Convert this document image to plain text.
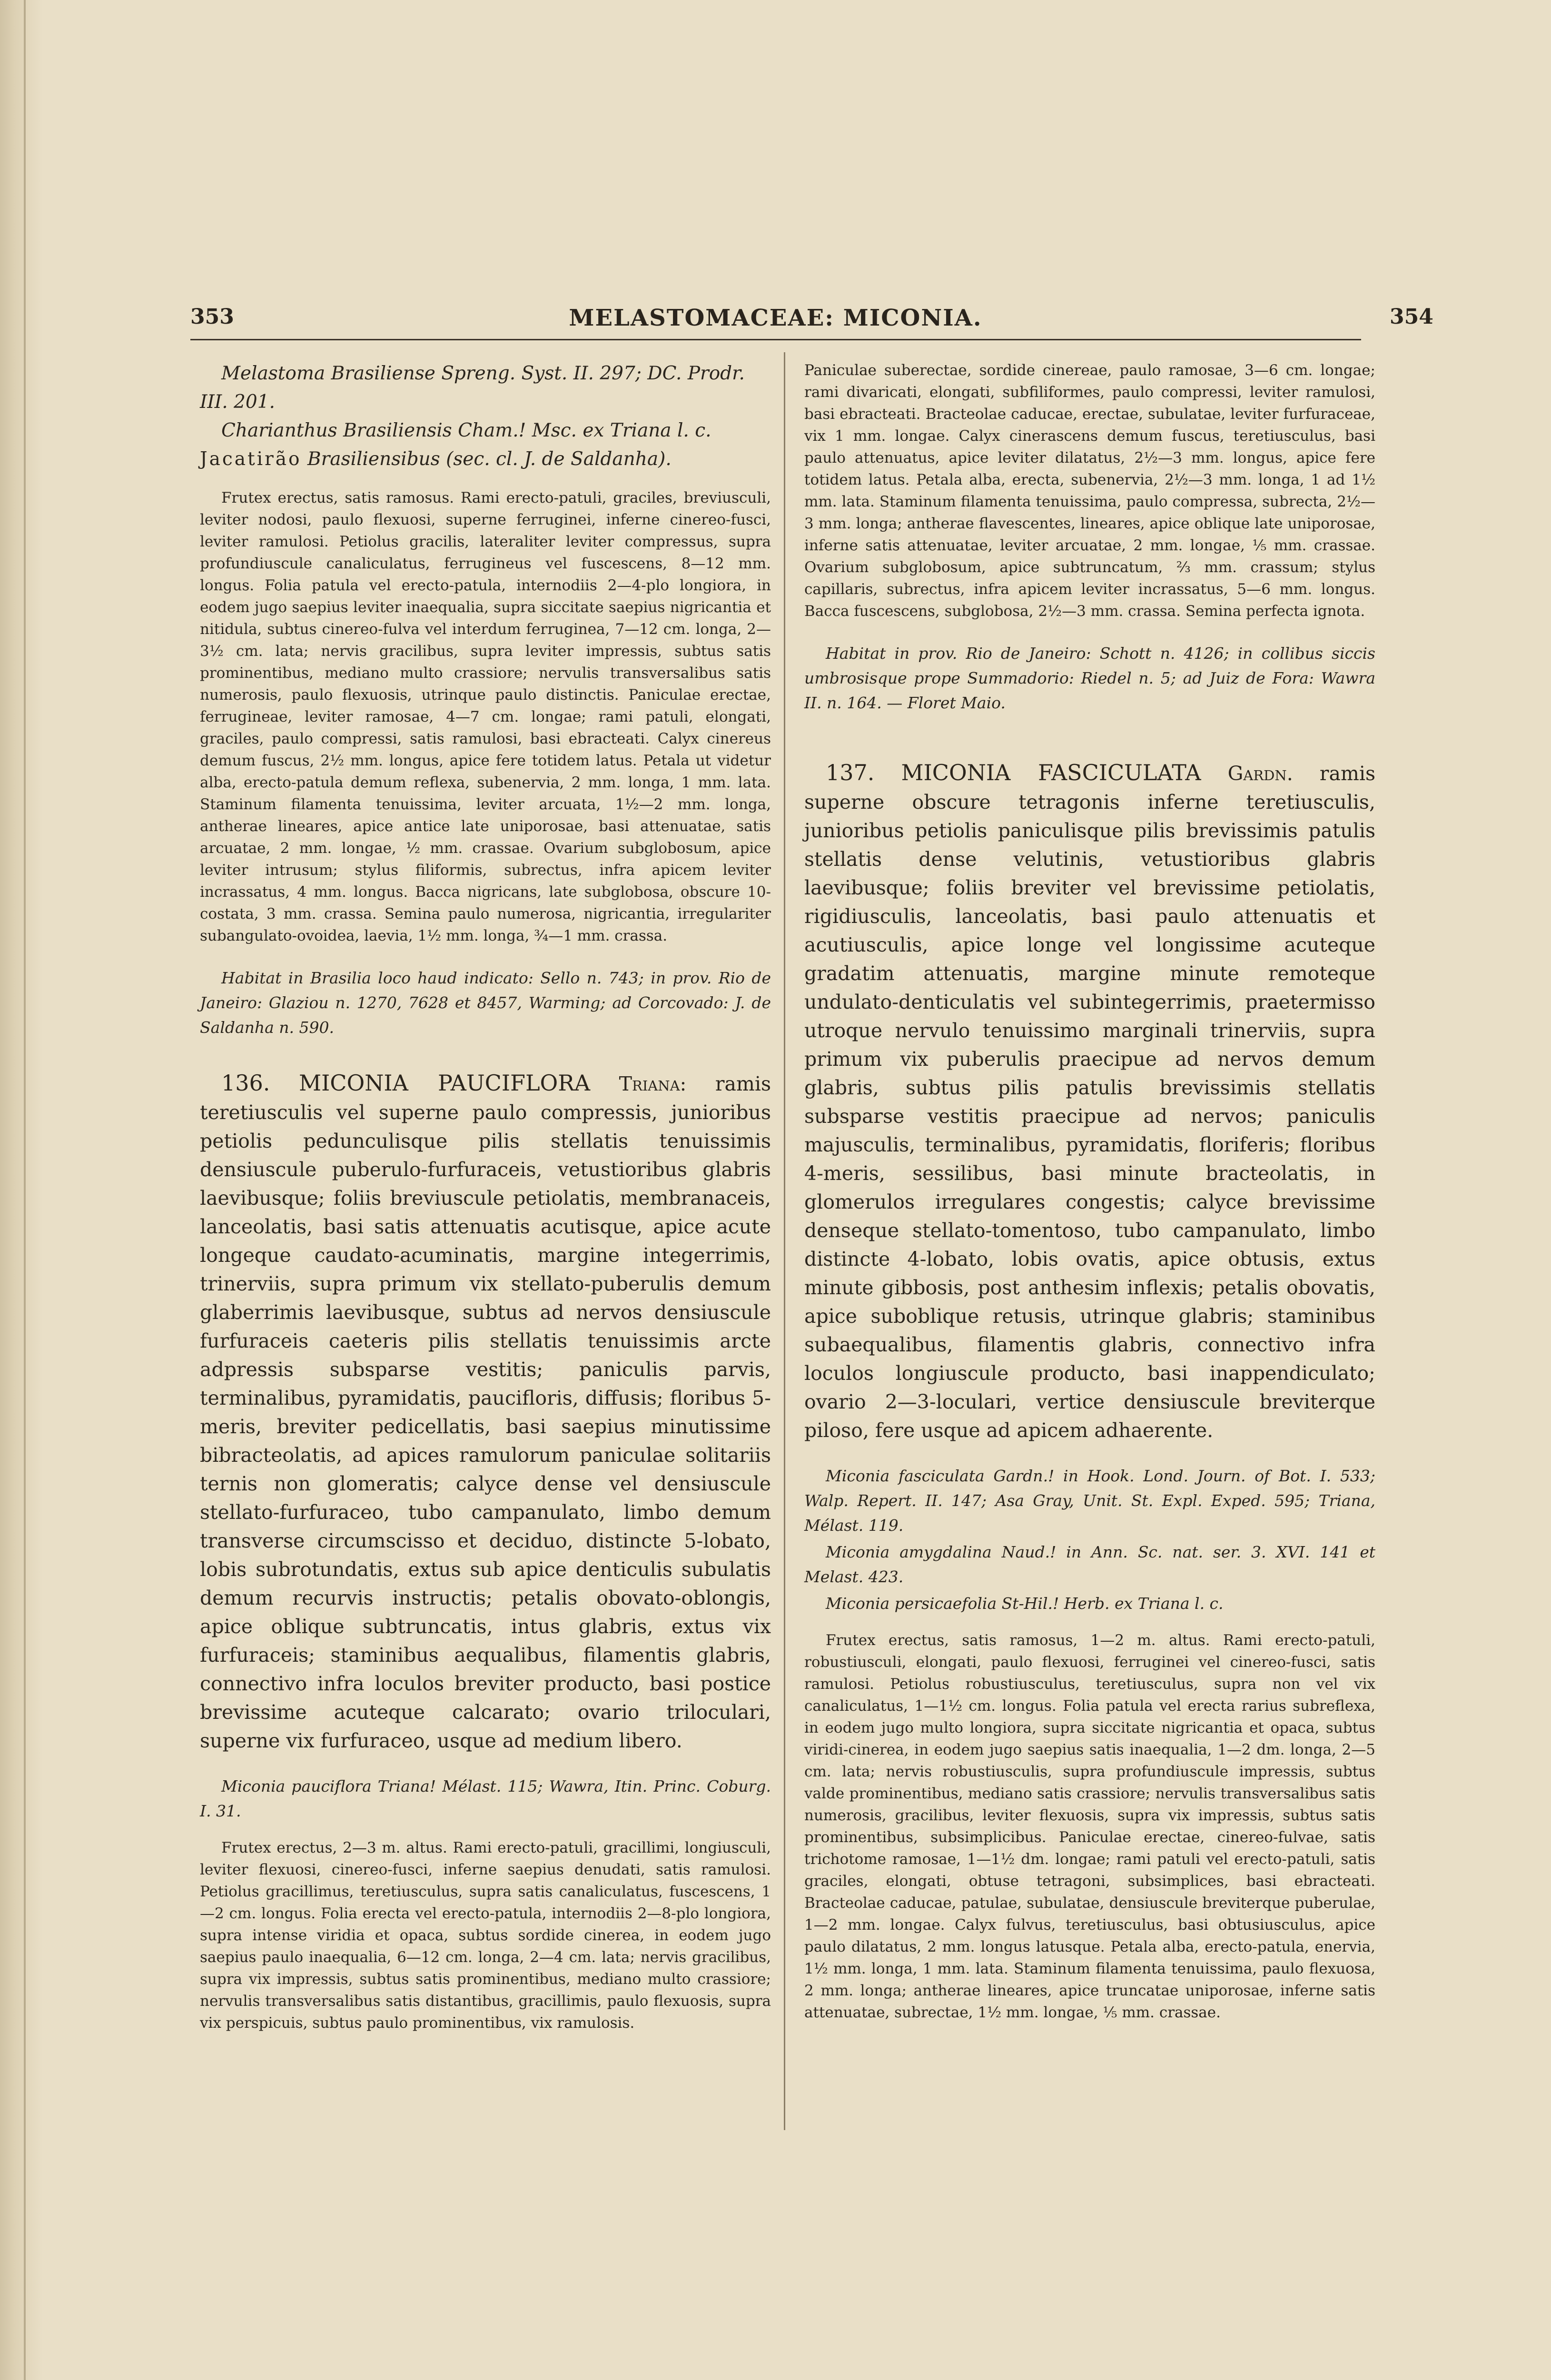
353	MELASTOMACEAE: MICONIA.	354

Melastoma Brasiliense Spreng. Syst. II. 297; DC. Prodr. III. 201.

Charianthus Brasiliensis Cham.! Msc. ex Triana l. c.

Jacatirão Brasiliensibus (sec. cl. J. de Saldanha).

Frutex erectus, satis ramosus. Rami erecto-patuli, graciles, breviusculi, leviter nodosi, paulo flexuosi, superne ferruginei, inferne cinereo-fusci, leviter ramulosi. Petiolus gracilis, lateraliter leviter compressus, supra profundiuscule canaliculatus, ferrugineus vel fuscescens, 8—12 mm. longus. Folia patula vel erecto-patula, internodiis 2—4-plo longiora, in eodem jugo saepius leviter inaequalia, supra siccitate saepius nigricantia et nitidula, subtus cinereo-fulva vel interdum ferruginea, 7—12 cm. longa, 2—3½ cm. lata; nervis gracilibus, supra leviter impressis, subtus satis prominentibus, mediano multo crassiore; nervulis transversalibus satis numerosis, paulo flexuosis, utrinque paulo distinctis. Paniculae erectae, ferrugineae, leviter ramosae, 4—7 cm. longae; rami patuli, elongati, graciles, paulo compressi, satis ramulosi, basi ebracteati. Calyx cinereus demum fuscus, 2½ mm. longus, apice fere totidem latus. Petala ut videtur alba, erecto-patula demum reflexa, subenervia, 2 mm. longa, 1 mm. lata. Staminum filamenta tenuissima, leviter arcuata, 1½—2 mm. longa, antherae lineares, apice antice late uniporosae, basi attenuatae, satis arcuatae, 2 mm. longae, ½ mm. crassae. Ovarium subglobosum, apice leviter intrusum; stylus filiformis, subrectus, infra apicem leviter incrassatus, 4 mm. longus. Bacca nigricans, late subglobosa, obscure 10-costata, 3 mm. crassa. Semina paulo numerosa, nigricantia, irregulariter subangulato-ovoidea, laevia, 1½ mm. longa, ¾—1 mm. crassa.

Habitat in Brasilia loco haud indicato: Sello n. 743; in prov. Rio de Janeiro: Glaziou n. 1270, 7628 et 8457, Warming; ad Corcovado: J. de Saldanha n. 590.

136. MICONIA PAUCIFLORA Triana: ramis teretiusculis vel superne paulo compressis, junioribus petiolis pedunculisque pilis stellatis tenuissimis densiuscule puberulo-furfuraceis, vetustioribus glabris laevibusque; foliis breviuscule petiolatis, membranaceis, lanceolatis, basi satis attenuatis acutisque, apice acute longeque caudato-acuminatis, margine integerrimis, trinerviis, supra primum vix stellato-puberulis demum glaberrimis laevibusque, subtus ad nervos densiuscule furfuraceis caeteris pilis stellatis tenuissimis arcte adpressis subsparse vestitis; paniculis parvis, terminalibus, pyramidatis, paucifloris, diffusis; floribus 5-meris, breviter pedicellatis, basi saepius minutissime bibracteolatis, ad apices ramulorum paniculae solitariis ternis non glomeratis; calyce dense vel densiuscule stellato-furfuraceo, tubo campanulato, limbo demum transverse circumscisso et deciduo, distincte 5-lobato, lobis subrotundatis, extus sub apice denticulis subulatis demum recurvis instructis; petalis obovato-oblongis, apice oblique subtruncatis, intus glabris, extus vix furfuraceis; staminibus aequalibus, filamentis glabris, connectivo infra loculos breviter producto, basi postice brevissime acuteque calcarato; ovario triloculari, superne vix furfuraceo, usque ad medium libero.

Miconia pauciflora Triana! Mélast. 115; Wawra, Itin. Princ. Coburg. I. 31.

Frutex erectus, 2—3 m. altus. Rami erecto-patuli, gracillimi, longiusculi, leviter flexuosi, cinereo-fusci, inferne saepius denudati, satis ramulosi. Petiolus gracillimus, teretiusculus, supra satis canaliculatus, fuscescens, 1—2 cm. longus. Folia erecta vel erecto-patula, internodiis 2—8-plo longiora, supra intense viridia et opaca, subtus sordide cinerea, in eodem jugo saepius paulo inaequalia, 6—12 cm. longa, 2—4 cm. lata; nervis gracilibus, supra vix impressis, subtus satis prominentibus, mediano multo crassiore; nervulis transversalibus satis distantibus, gracillimis, paulo flexuosis, supra vix perspicuis, subtus paulo prominentibus, vix ramulosis.

Paniculae suberectae, sordide cinereae, paulo ramosae, 3—6 cm. longae; rami divaricati, elongati, subfiliformes, paulo compressi, leviter ramulosi, basi ebracteati. Bracteolae caducae, erectae, subulatae, leviter furfuraceae, vix 1 mm. longae. Calyx cinerascens demum fuscus, teretiusculus, basi paulo attenuatus, apice leviter dilatatus, 2½—3 mm. longus, apice fere totidem latus. Petala alba, erecta, subenervia, 2½—3 mm. longa, 1 ad 1½ mm. lata. Staminum filamenta tenuissima, paulo compressa, subrecta, 2½—3 mm. longa; antherae flavescentes, lineares, apice oblique late uniporosae, inferne satis attenuatae, leviter arcuatae, 2 mm. longae, ⅕ mm. crassae. Ovarium subglobosum, apice subtruncatum, ⅔ mm. crassum; stylus capillaris, subrectus, infra apicem leviter incrassatus, 5—6 mm. longus. Bacca fuscescens, subglobosa, 2½—3 mm. crassa. Semina perfecta ignota.

Habitat in prov. Rio de Janeiro: Schott n. 4126; in collibus siccis umbrosisque prope Summadorio: Riedel n. 5; ad Juiz de Fora: Wawra II. n. 164. — Floret Maio.

137. MICONIA FASCICULATA Gardn. ramis superne obscure tetragonis inferne teretiusculis, junioribus petiolis paniculisque pilis brevissimis patulis stellatis dense velutinis, vetustioribus glabris laevibusque; foliis breviter vel brevissime petiolatis, rigidiusculis, lanceolatis, basi paulo attenuatis et acutiusculis, apice longe vel longissime acuteque gradatim attenuatis, margine minute remoteque undulato-denticulatis vel subintegerrimis, praetermisso utroque nervulo tenuissimo marginali trinerviis, supra primum vix puberulis praecipue ad nervos demum glabris, subtus pilis patulis brevissimis stellatis subsparse vestitis praecipue ad nervos; paniculis majusculis, terminalibus, pyramidatis, floriferis; floribus 4-meris, sessilibus, basi minute bracteolatis, in glomerulos irregulares congestis; calyce brevissime denseque stellato-tomentoso, tubo campanulato, limbo distincte 4-lobato, lobis ovatis, apice obtusis, extus minute gibbosis, post anthesim inflexis; petalis obovatis, apice suboblique retusis, utrinque glabris; staminibus subaequalibus, filamentis glabris, connectivo infra loculos longiuscule producto, basi inappendiculato; ovario 2—3-loculari, vertice densiuscule breviterque piloso, fere usque ad apicem adhaerente.

Miconia fasciculata Gardn.! in Hook. Lond. Journ. of Bot. I. 533; Walp. Repert. II. 147; Asa Gray, Unit. St. Expl. Exped. 595; Triana, Mélast. 119.

Miconia amygdalina Naud.! in Ann. Sc. nat. ser. 3. XVI. 141 et Melast. 423.

Miconia persicaefolia St-Hil.! Herb. ex Triana l. c.

Frutex erectus, satis ramosus, 1—2 m. altus. Rami erecto-patuli, robustiusculi, elongati, paulo flexuosi, ferruginei vel cinereo-fusci, satis ramulosi. Petiolus robustiusculus, teretiusculus, supra non vel vix canaliculatus, 1—1½ cm. longus. Folia patula vel erecta rarius subreflexa, in eodem jugo multo longiora, supra siccitate nigricantia et opaca, subtus viridi-cinerea, in eodem jugo saepius satis inaequalia, 1—2 dm. longa, 2—5 cm. lata; nervis robustiusculis, supra profundiuscule impressis, subtus valde prominentibus, mediano satis crassiore; nervulis transversalibus satis numerosis, gracilibus, leviter flexuosis, supra vix impressis, subtus satis prominentibus, subsimplicibus. Paniculae erectae, cinereo-fulvae, satis trichotome ramosae, 1—1½ dm. longae; rami patuli vel erecto-patuli, satis graciles, elongati, obtuse tetragoni, subsimplices, basi ebracteati. Bracteolae caducae, patulae, subulatae, densiuscule breviterque puberulae, 1—2 mm. longae. Calyx fulvus, teretiusculus, basi obtusiusculus, apice paulo dilatatus, 2 mm. longus latusque. Petala alba, erecto-patula, enervia, 1½ mm. longa, 1 mm. lata. Staminum filamenta tenuissima, paulo flexuosa, 2 mm. longa; antherae lineares, apice truncatae uniporosae, inferne satis attenuatae, subrectae, 1½ mm. longae, ⅕ mm. crassae.
